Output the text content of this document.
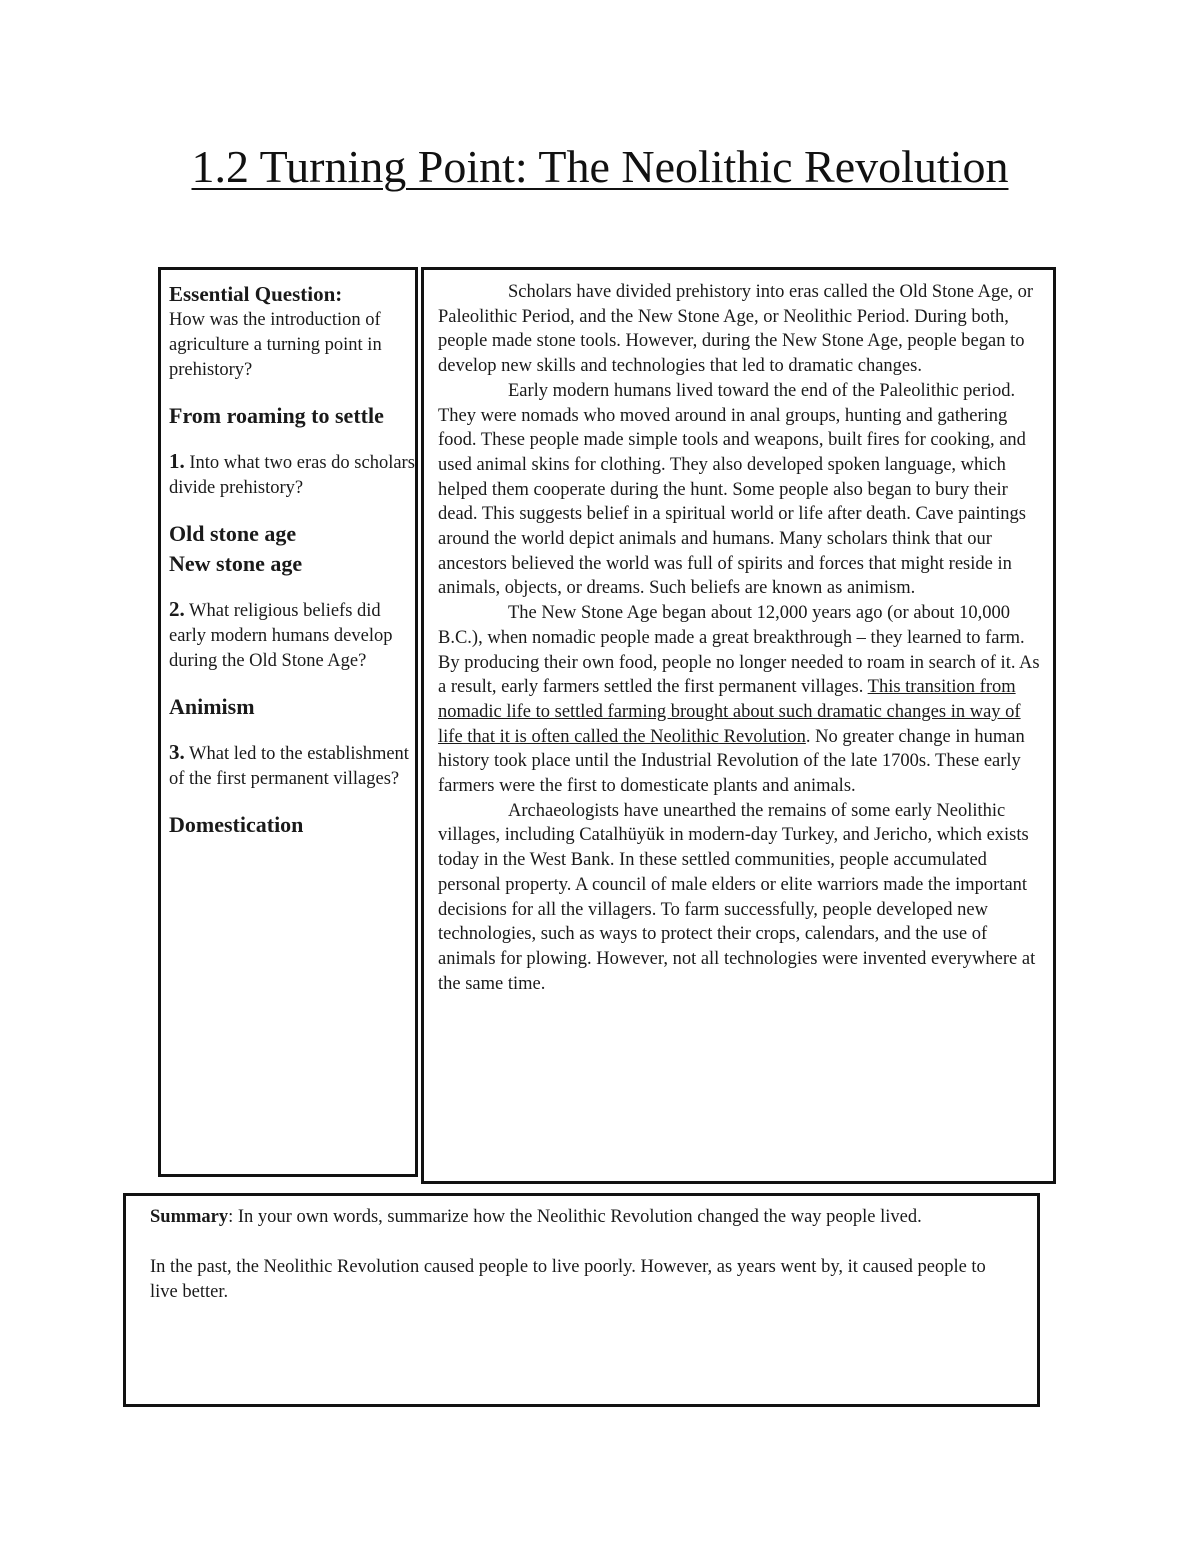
1.2 Turning Point: The Neolithic Revolution

Essential Question:
How was the introduction of agriculture a turning point in prehistory?

From roaming to settle

1. Into what two eras do scholars divide prehistory?

Old stone age

New stone age

2. What religious beliefs did early modern humans develop during the Old Stone Age?

Animism

3. What led to the establishment of the first permanent villages?

Domestication

Scholars have divided prehistory into eras called the Old Stone Age, or Paleolithic Period, and the New Stone Age, or Neolithic Period. During both, people made stone tools. However, during the New Stone Age, people began to develop new skills and technologies that led to dramatic changes.

Early modern humans lived toward the end of the Paleolithic period. They were nomads who moved around in anal groups, hunting and gathering food. These people made simple tools and weapons, built fires for cooking, and used animal skins for clothing. They also developed spoken language, which helped them cooperate during the hunt. Some people also began to bury their dead. This suggests belief in a spiritual world or life after death. Cave paintings around the world depict animals and humans. Many scholars think that our ancestors believed the world was full of spirits and forces that might reside in animals, objects, or dreams. Such beliefs are known as animism.

The New Stone Age began about 12,000 years ago (or about 10,000 B.C.), when nomadic people made a great breakthrough – they learned to farm. By producing their own food, people no longer needed to roam in search of it. As a result, early farmers settled the first permanent villages. This transition from nomadic life to settled farming brought about such dramatic changes in way of life that it is often called the Neolithic Revolution. No greater change in human history took place until the Industrial Revolution of the late 1700s. These early farmers were the first to domesticate plants and animals.

Archaeologists have unearthed the remains of some early Neolithic villages, including Catalhüyük in modern-day Turkey, and Jericho, which exists today in the West Bank. In these settled communities, people accumulated personal property. A council of male elders or elite warriors made the important decisions for all the villagers. To farm successfully, people developed new technologies, such as ways to protect their crops, calendars, and the use of animals for plowing. However, not all technologies were invented everywhere at the same time.

Summary: In your own words, summarize how the Neolithic Revolution changed the way people lived.

In the past, the Neolithic Revolution caused people to live poorly. However, as years went by, it caused people to live better.
